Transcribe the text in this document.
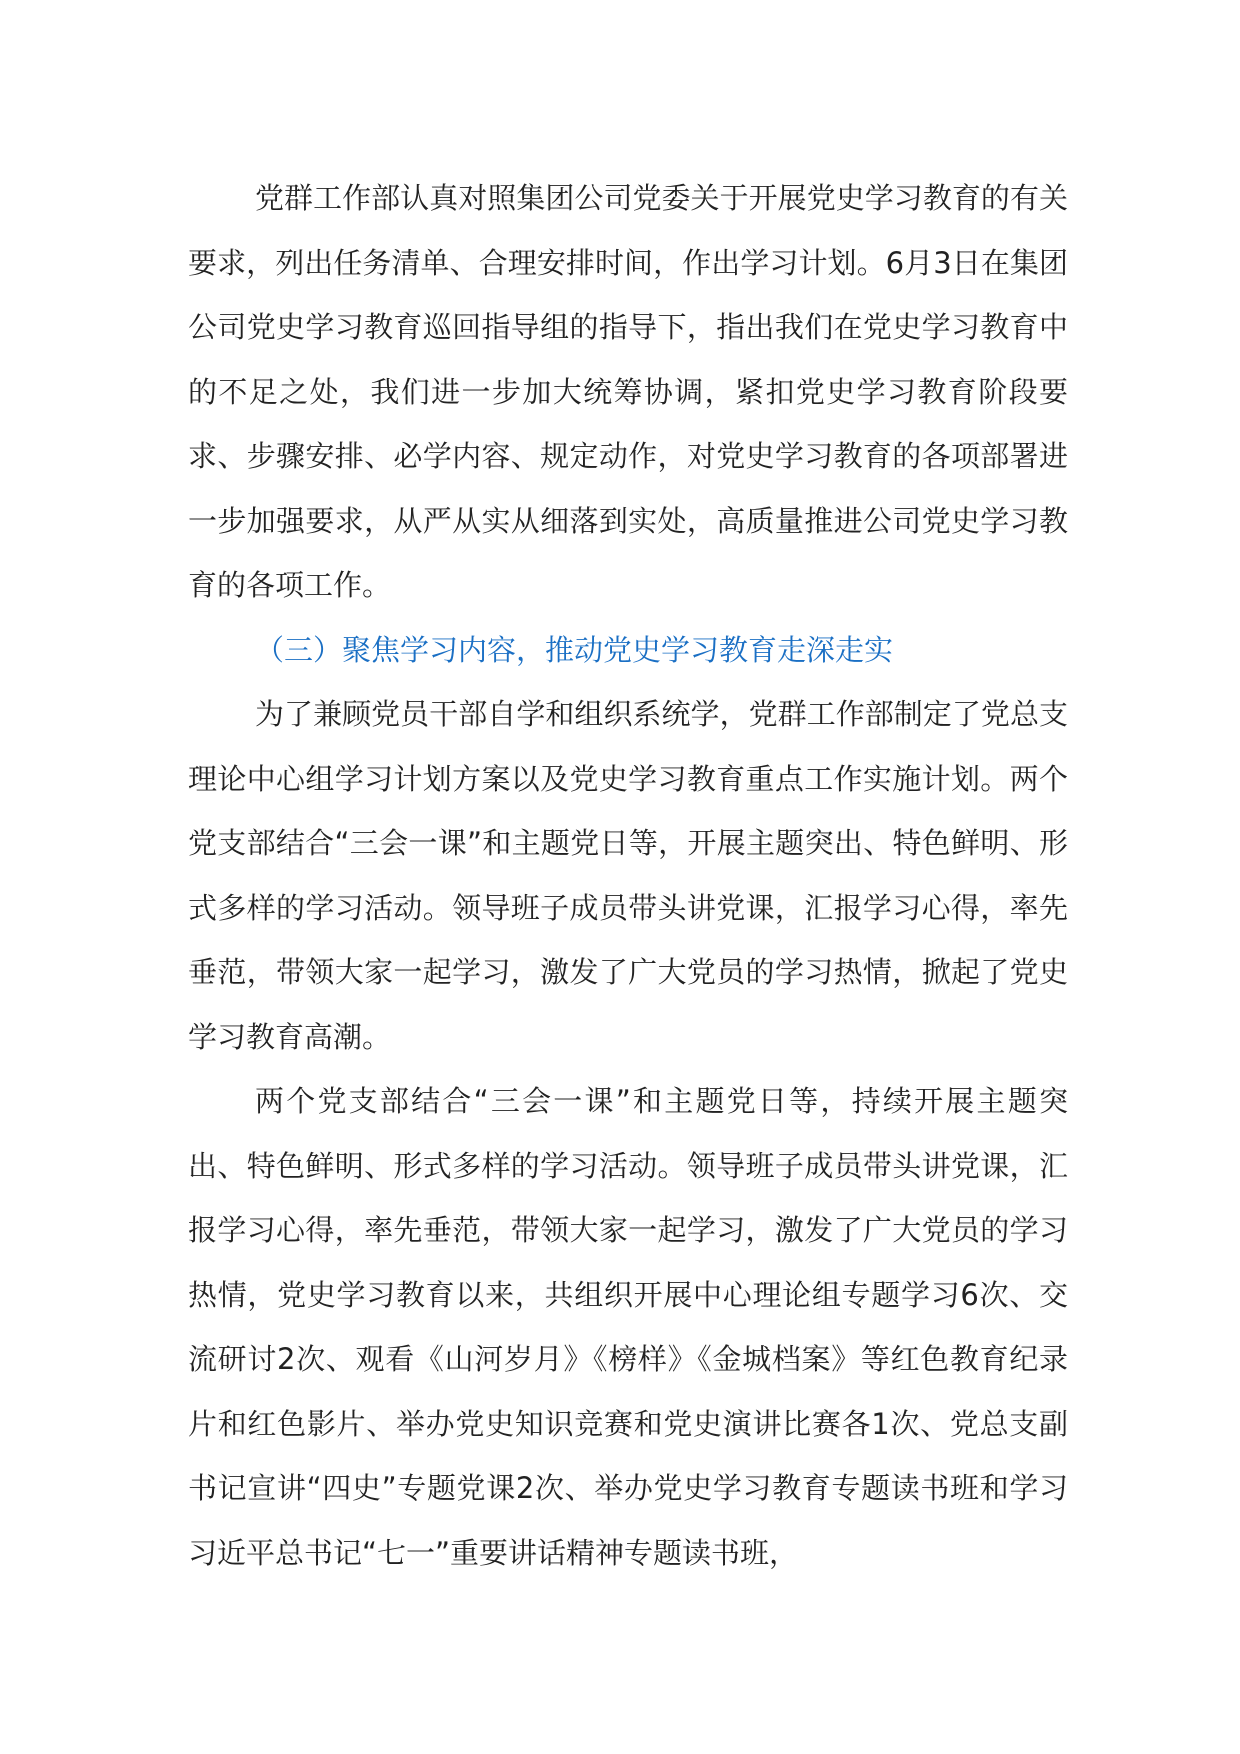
党群工作部认真对照集团公司党委关于开展党史学习教育的有关要求，列出任务清单、合理安排时间，作出学习计划。6月3日在集团公司党史学习教育巡回指导组的指导下，指出我们在党史学习教育中的不足之处，我们进一步加大统筹协调，紧扣党史学习教育阶段要求、步骤安排、必学内容、规定动作，对党史学习教育的各项部署进一步加强要求，从严从实从细落到实处，高质量推进公司党史学习教育的各项工作。

（三）聚焦学习内容，推动党史学习教育走深走实

为了兼顾党员干部自学和组织系统学，党群工作部制定了党总支理论中心组学习计划方案以及党史学习教育重点工作实施计划。两个党支部结合“三会一课”和主题党日等，开展主题突出、特色鲜明、形式多样的学习活动。领导班子成员带头讲党课，汇报学习心得，率先垂范，带领大家一起学习，激发了广大党员的学习热情，掀起了党史学习教育高潮。

两个党支部结合“三会一课”和主题党日等，持续开展主题突出、特色鲜明、形式多样的学习活动。领导班子成员带头讲党课，汇报学习心得，率先垂范，带领大家一起学习，激发了广大党员的学习热情，党史学习教育以来，共组织开展中心理论组专题学习6次、交流研讨2次、观看《山河岁月》《榜样》《金城档案》等红色教育纪录片和红色影片、举办党史知识竞赛和党史演讲比赛各1次、党总支副书记宣讲“四史”专题党课2次、举办党史学习教育专题读书班和学习习近平总书记“七一”重要讲话精神专题读书班，
